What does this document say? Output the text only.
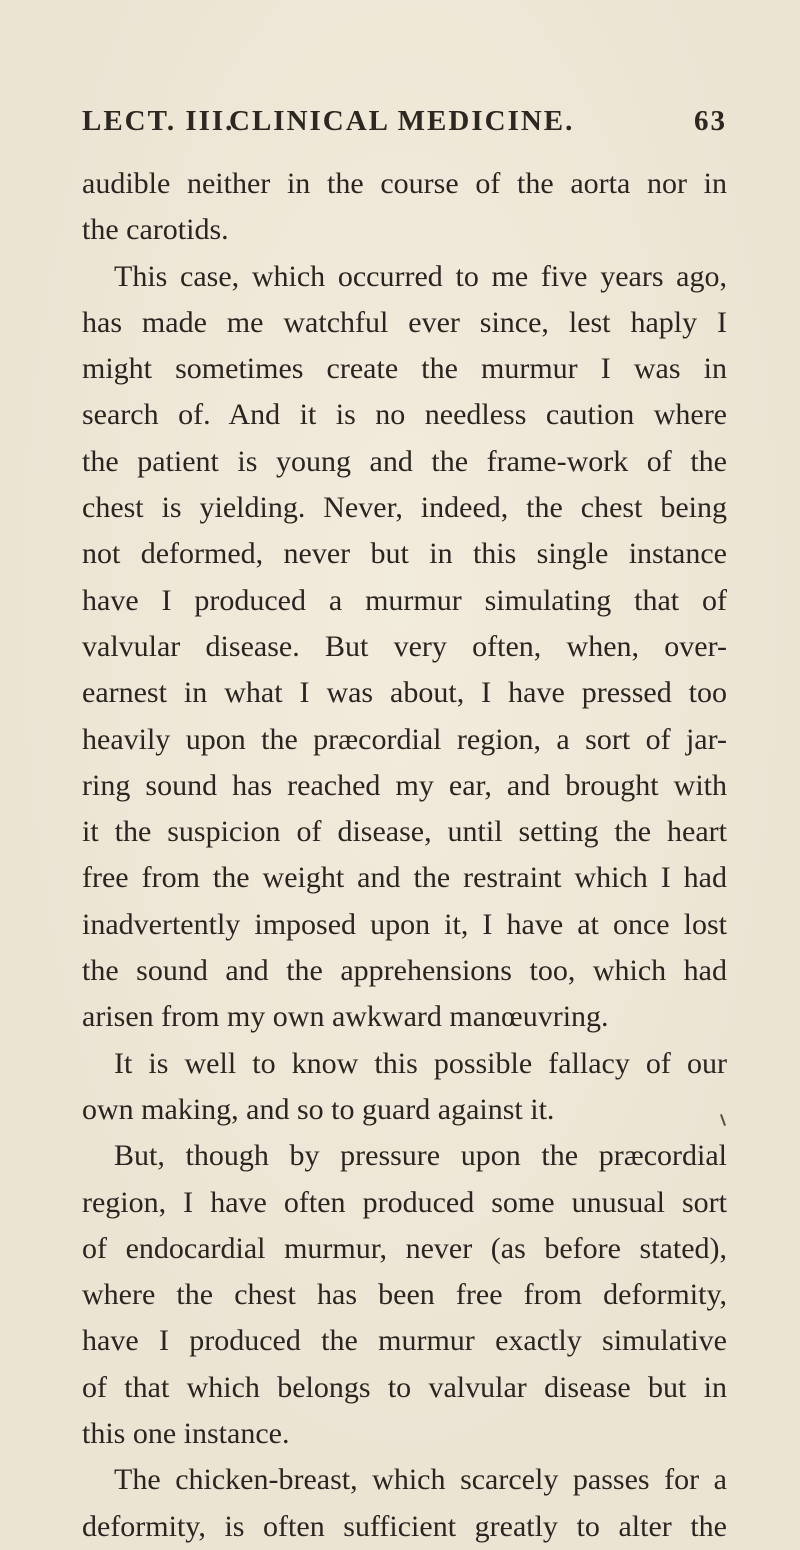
LECT. III.
CLINICAL MEDICINE.	63
audible neither in the course of the aorta nor in
the carotids.
This case, which occurred to me five years ago,
has made me watchful ever since, lest haply I
might sometimes create the murmur I was in
search of. And it is no needless caution where
the patient is young and the frame-work of the
chest is yielding. Never, indeed, the chest being
not deformed, never but in this single instance
have I produced a murmur simulating that of
valvular disease. But very often, when, over-
earnest in what I was about, I have pressed too
heavily upon the præcordial region, a sort of jar-
ring sound has reached my ear, and brought with
it the suspicion of disease, until setting the heart
free from the weight and the restraint which I had
inadvertently imposed upon it, I have at once lost
the sound and the apprehensions too, which had
arisen from my own awkward manœuvring.
It is well to know this possible fallacy of our
own making, and so to guard against it.
But, though by pressure upon the præcordial
region, I have often produced some unusual sort
of endocardial murmur, never (as before stated),
where the chest has been free from deformity,
have I produced the murmur exactly simulative
of that which belongs to valvular disease but in
this one instance.
The chicken-breast, which scarcely passes for a
deformity, is often sufficient greatly to alter the
